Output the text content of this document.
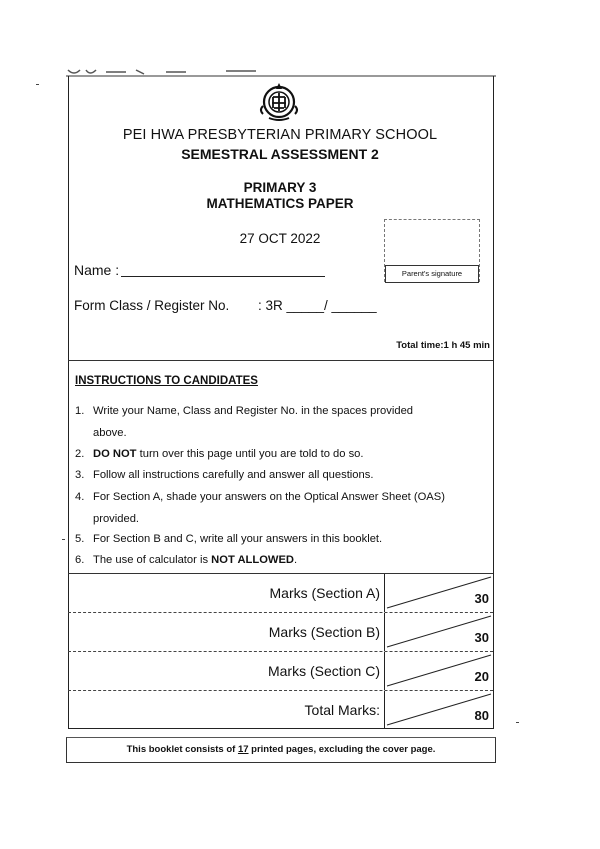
PEI HWA PRESBYTERIAN PRIMARY SCHOOL
SEMESTRAL ASSESSMENT 2
PRIMARY 3
MATHEMATICS PAPER
27 OCT 2022
Parent's signature
Name :
Form Class / Register No. : 3R _____/ ______
Total time:1 h 45 min
INSTRUCTIONS TO CANDIDATES
1. Write your Name, Class and Register No. in the spaces provided
above.
2. DO NOT turn over this page until you are told to do so.
3. Follow all instructions carefully and answer all questions.
4. For Section A, shade your answers on the Optical Answer Sheet (OAS)
provided.
5. For Section B and C, write all your answers in this booklet.
6. The use of calculator is NOT ALLOWED.
Marks (Section A)	30
Marks (Section B)	30
Marks (Section C)	20
Total Marks:	80
This booklet consists of 17 printed pages, excluding the cover page.
